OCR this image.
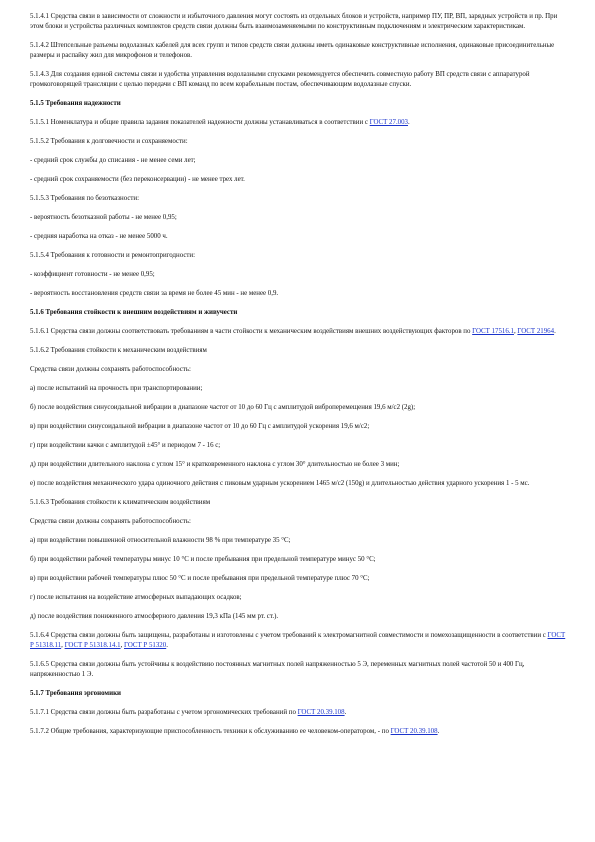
5.1.4.1 Средства связи в зависимости от сложности и избыточного давления могут состоять из отдельных блоков и устройств, например ПУ, ПР, ВП, зарядных устройств и пр. При этом блоки и устройства различных комплектов средств связи должны быть взаимозаменяемыми по конструктивным подключениям и электрическим характеристикам.
5.1.4.2 Штепсельные разъемы водолазных кабелей для всех групп и типов средств связи должны иметь одинаковые конструктивные исполнения, одинаковые присоединительные размеры и распайку жил для микрофонов и телефонов.
5.1.4.3 Для создания единой системы связи и удобства управления водолазными спусками рекомендуется обеспечить совместную работу ВП средств связи с аппаратурой громкоговорящей трансляции с целью передачи с ВП команд по всем корабельным постам, обеспечивающим водолазные спуски.
5.1.5 Требования надежности
5.1.5.1 Номенклатура и общие правила задания показателей надежности должны устанавливаться в соответствии с ГОСТ 27.003.
5.1.5.2 Требования к долговечности и сохраняемости:
- средний срок службы до списания - не менее семи лет;
- средний срок сохраняемости (без переконсервации) - не менее трех лет.
5.1.5.3 Требования по безотказности:
- вероятность безотказной работы - не менее 0,95;
- средняя наработка на отказ - не менее 5000 ч.
5.1.5.4 Требования к готовности и ремонтопригодности:
- коэффициент готовности - не менее 0,95;
- вероятность восстановления средств связи за время не более 45 мин - не менее 0,9.
5.1.6 Требования стойкости к внешним воздействиям и живучести
5.1.6.1 Средства связи должны соответствовать требованиям в части стойкости к механическим воздействиям внешних воздействующих факторов по ГОСТ 17516.1, ГОСТ 21964.
5.1.6.2 Требования стойкости к механическим воздействиям
Средства связи должны сохранять работоспособность:
а) после испытаний на прочность при транспортировании;
б) после воздействия синусоидальной вибрации в диапазоне частот от 10 до 60 Гц с амплитудой виброперемещения 19,6 м/с2 (2g);
в) при воздействии синусоидальной вибрации в диапазоне частот от 10 до 60 Гц с амплитудой ускорения 19,6 м/с2;
г) при воздействии качки с амплитудой ±45° и периодом 7 - 16 с;
д) при воздействии длительного наклона с углом 15° и кратковременного наклона с углом 30° длительностью не более 3 мин;
е) после воздействия механического удара одиночного действия с пиковым ударным ускорением 1465 м/с2 (150g) и длительностью действия ударного ускорения 1 - 5 мс.
5.1.6.3 Требования стойкости к климатическим воздействиям
Средства связи должны сохранять работоспособность:
а) при воздействии повышенной относительной влажности 98 % при температуре 35 °С;
б) при воздействии рабочей температуры минус 10 °С и после пребывания при предельной температуре минус 50 °С;
в) при воздействии рабочей температуры плюс 50 °С и после пребывания при предельной температуре плюс 70 °С;
г) после испытания на воздействие атмосферных выпадающих осадков;
д) после воздействия пониженного атмосферного давления 19,3 кПа (145 мм рт. ст.).
5.1.6.4 Средства связи должны быть защищены, разработаны и изготовлены с учетом требований к электромагнитной совместимости и помехозащищенности в соответствии с ГОСТ Р 51318.11, ГОСТ Р 51318.14.1, ГОСТ Р 51320.
5.1.6.5 Средства связи должны быть устойчивы к воздействию постоянных магнитных полей напряженностью 5 Э, переменных магнитных полей частотой 50 и 400 Гц, напряженностью 1 Э.
5.1.7 Требования эргономики
5.1.7.1 Средства связи должны быть разработаны с учетом эргономических требований по ГОСТ 20.39.108.
5.1.7.2 Общие требования, характеризующие приспособленность техники к обслуживанию ее человеком-оператором, - по ГОСТ 20.39.108.
